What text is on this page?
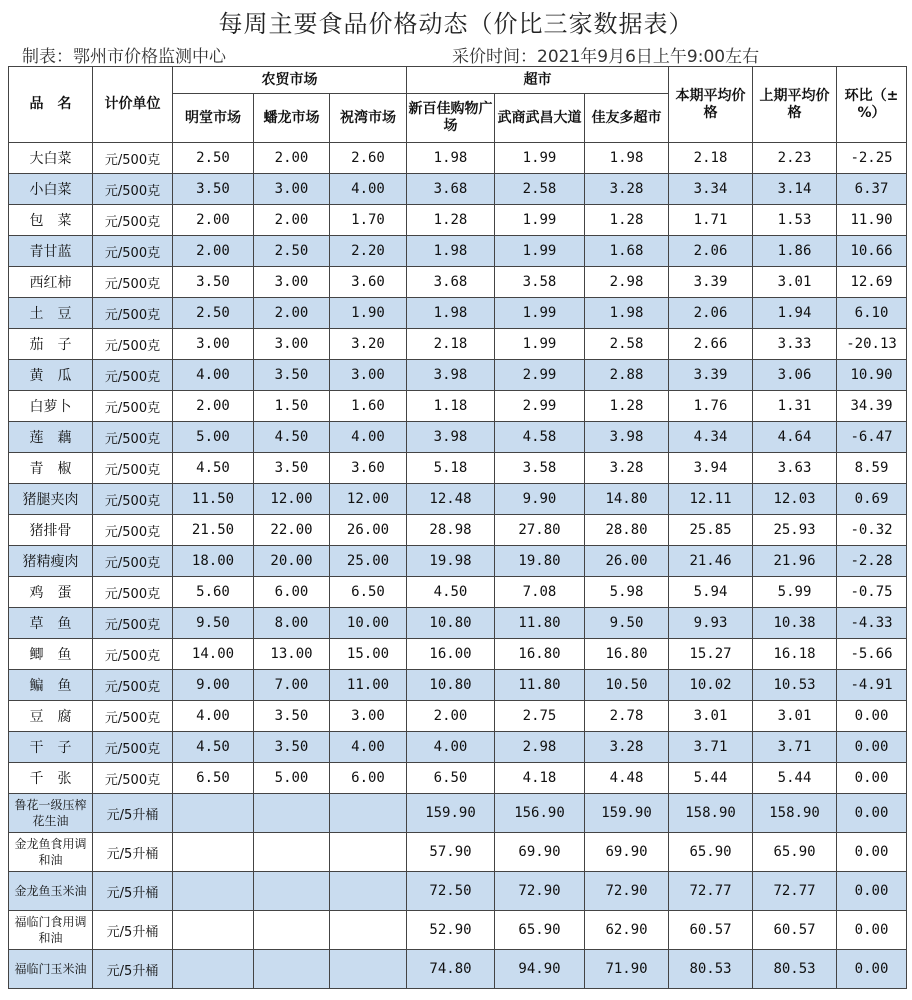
每周主要食品价格动态（价比三家数据表）
制表：鄂州市价格监测中心	采价时间：2021年9月6日上午9:00左右
品　名	计价单位	农贸市场			超市			本期平均价格	上期平均价格	环比（±%）
		明堂市场	蟠龙市场	祝湾市场	新百佳购物广场	武商武昌大道	佳友多超市			
大白菜	元/500克	2.50	2.00	2.60	1.98	1.99	1.98	2.18	2.23	-2.25
小白菜	元/500克	3.50	3.00	4.00	3.68	2.58	3.28	3.34	3.14	6.37
包　菜	元/500克	2.00	2.00	1.70	1.28	1.99	1.28	1.71	1.53	11.90
青甘蓝	元/500克	2.00	2.50	2.20	1.98	1.99	1.68	2.06	1.86	10.66
西红柿	元/500克	3.50	3.00	3.60	3.68	3.58	2.98	3.39	3.01	12.69
土　豆	元/500克	2.50	2.00	1.90	1.98	1.99	1.98	2.06	1.94	6.10
茄　子	元/500克	3.00	3.00	3.20	2.18	1.99	2.58	2.66	3.33	-20.13
黄　瓜	元/500克	4.00	3.50	3.00	3.98	2.99	2.88	3.39	3.06	10.90
白萝卜	元/500克	2.00	1.50	1.60	1.18	2.99	1.28	1.76	1.31	34.39
莲　藕	元/500克	5.00	4.50	4.00	3.98	4.58	3.98	4.34	4.64	-6.47
青　椒	元/500克	4.50	3.50	3.60	5.18	3.58	3.28	3.94	3.63	8.59
猪腿夹肉	元/500克	11.50	12.00	12.00	12.48	9.90	14.80	12.11	12.03	0.69
猪排骨	元/500克	21.50	22.00	26.00	28.98	27.80	28.80	25.85	25.93	-0.32
猪精瘦肉	元/500克	18.00	20.00	25.00	19.98	19.80	26.00	21.46	21.96	-2.28
鸡　蛋	元/500克	5.60	6.00	6.50	4.50	7.08	5.98	5.94	5.99	-0.75
草　鱼	元/500克	9.50	8.00	10.00	10.80	11.80	9.50	9.93	10.38	-4.33
鲫　鱼	元/500克	14.00	13.00	15.00	16.00	16.80	16.80	15.27	16.18	-5.66
鳊　鱼	元/500克	9.00	7.00	11.00	10.80	11.80	10.50	10.02	10.53	-4.91
豆　腐	元/500克	4.00	3.50	3.00	2.00	2.75	2.78	3.01	3.01	0.00
干　子	元/500克	4.50	3.50	4.00	4.00	2.98	3.28	3.71	3.71	0.00
千　张	元/500克	6.50	5.00	6.00	6.50	4.18	4.48	5.44	5.44	0.00
鲁花一级压榨花生油	元/5升桶				159.90	156.90	159.90	158.90	158.90	0.00
金龙鱼食用调和油	元/5升桶				57.90	69.90	69.90	65.90	65.90	0.00
金龙鱼玉米油	元/5升桶				72.50	72.90	72.90	72.77	72.77	0.00
福临门食用调和油	元/5升桶				52.90	65.90	62.90	60.57	60.57	0.00
福临门玉米油	元/5升桶				74.80	94.90	71.90	80.53	80.53	0.00
